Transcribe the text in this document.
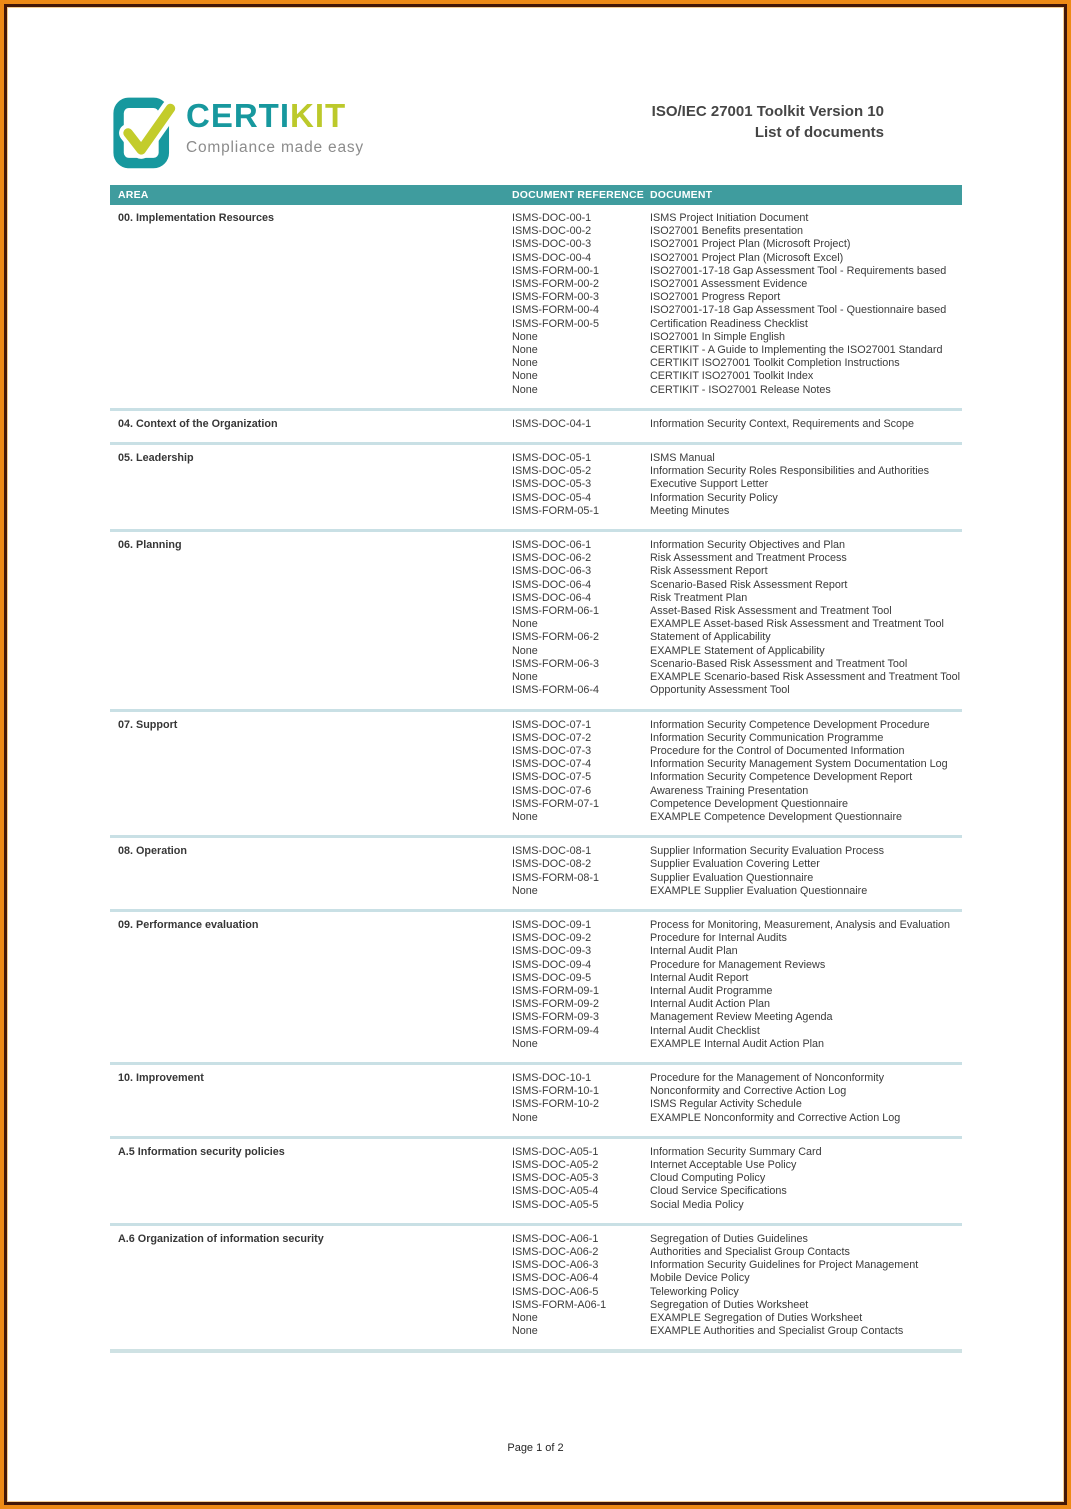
CERTIKIT
Compliance made easy
ISO/IEC 27001 Toolkit Version 10
List of documents
AREA	DOCUMENT REFERENCE DOCUMENT
00. Implementation Resources	ISMS-DOC-00-1	ISMS Project Initiation Document
ISMS-DOC-00-2	ISO27001 Benefits presentation
ISMS-DOC-00-3	ISO27001 Project Plan (Microsoft Project)
ISMS-DOC-00-4	ISO27001 Project Plan (Microsoft Excel)
ISMS-FORM-00-1	ISO27001-17-18 Gap Assessment Tool - Requirements based
ISMS-FORM-00-2	ISO27001 Assessment Evidence
ISMS-FORM-00-3	ISO27001 Progress Report
ISMS-FORM-00-4	ISO27001-17-18 Gap Assessment Tool - Questionnaire based
ISMS-FORM-00-5	Certification Readiness Checklist
None	ISO27001 In Simple English
None	CERTIKIT - A Guide to Implementing the ISO27001 Standard
None	CERTIKIT ISO27001 Toolkit Completion Instructions
None	CERTIKIT ISO27001 Toolkit Index
None	CERTIKIT - ISO27001 Release Notes
04. Context of the Organization	ISMS-DOC-04-1	Information Security Context, Requirements and Scope
05. Leadership	ISMS-DOC-05-1	ISMS Manual
ISMS-DOC-05-2	Information Security Roles Responsibilities and Authorities
ISMS-DOC-05-3	Executive Support Letter
ISMS-DOC-05-4	Information Security Policy
ISMS-FORM-05-1	Meeting Minutes
06. Planning	ISMS-DOC-06-1	Information Security Objectives and Plan
ISMS-DOC-06-2	Risk Assessment and Treatment Process
ISMS-DOC-06-3	Risk Assessment Report
ISMS-DOC-06-4	Scenario-Based Risk Assessment Report
ISMS-DOC-06-4	Risk Treatment Plan
ISMS-FORM-06-1	Asset-Based Risk Assessment and Treatment Tool
None	EXAMPLE Asset-based Risk Assessment and Treatment Tool
ISMS-FORM-06-2	Statement of Applicability
None	EXAMPLE Statement of Applicability
ISMS-FORM-06-3	Scenario-Based Risk Assessment and Treatment Tool
None	EXAMPLE Scenario-based Risk Assessment and Treatment Tool
ISMS-FORM-06-4	Opportunity Assessment Tool
07. Support	ISMS-DOC-07-1	Information Security Competence Development Procedure
ISMS-DOC-07-2	Information Security Communication Programme
ISMS-DOC-07-3	Procedure for the Control of Documented Information
ISMS-DOC-07-4	Information Security Management System Documentation Log
ISMS-DOC-07-5	Information Security Competence Development Report
ISMS-DOC-07-6	Awareness Training Presentation
ISMS-FORM-07-1	Competence Development Questionnaire
None	EXAMPLE Competence Development Questionnaire
08. Operation	ISMS-DOC-08-1	Supplier Information Security Evaluation Process
ISMS-DOC-08-2	Supplier Evaluation Covering Letter
ISMS-FORM-08-1	Supplier Evaluation Questionnaire
None	EXAMPLE Supplier Evaluation Questionnaire
09. Performance evaluation	ISMS-DOC-09-1	Process for Monitoring, Measurement, Analysis and Evaluation
ISMS-DOC-09-2	Procedure for Internal Audits
ISMS-DOC-09-3	Internal Audit Plan
ISMS-DOC-09-4	Procedure for Management Reviews
ISMS-DOC-09-5	Internal Audit Report
ISMS-FORM-09-1	Internal Audit Programme
ISMS-FORM-09-2	Internal Audit Action Plan
ISMS-FORM-09-3	Management Review Meeting Agenda
ISMS-FORM-09-4	Internal Audit Checklist
None	EXAMPLE Internal Audit Action Plan
10. Improvement	ISMS-DOC-10-1	Procedure for the Management of Nonconformity
ISMS-FORM-10-1	Nonconformity and Corrective Action Log
ISMS-FORM-10-2	ISMS Regular Activity Schedule
None	EXAMPLE Nonconformity and Corrective Action Log
A.5 Information security policies	ISMS-DOC-A05-1	Information Security Summary Card
ISMS-DOC-A05-2	Internet Acceptable Use Policy
ISMS-DOC-A05-3	Cloud Computing Policy
ISMS-DOC-A05-4	Cloud Service Specifications
ISMS-DOC-A05-5	Social Media Policy
A.6 Organization of information security	ISMS-DOC-A06-1	Segregation of Duties Guidelines
ISMS-DOC-A06-2	Authorities and Specialist Group Contacts
ISMS-DOC-A06-3	Information Security Guidelines for Project Management
ISMS-DOC-A06-4	Mobile Device Policy
ISMS-DOC-A06-5	Teleworking Policy
ISMS-FORM-A06-1	Segregation of Duties Worksheet
None	EXAMPLE Segregation of Duties Worksheet
None	EXAMPLE Authorities and Specialist Group Contacts
Page 1 of 2
